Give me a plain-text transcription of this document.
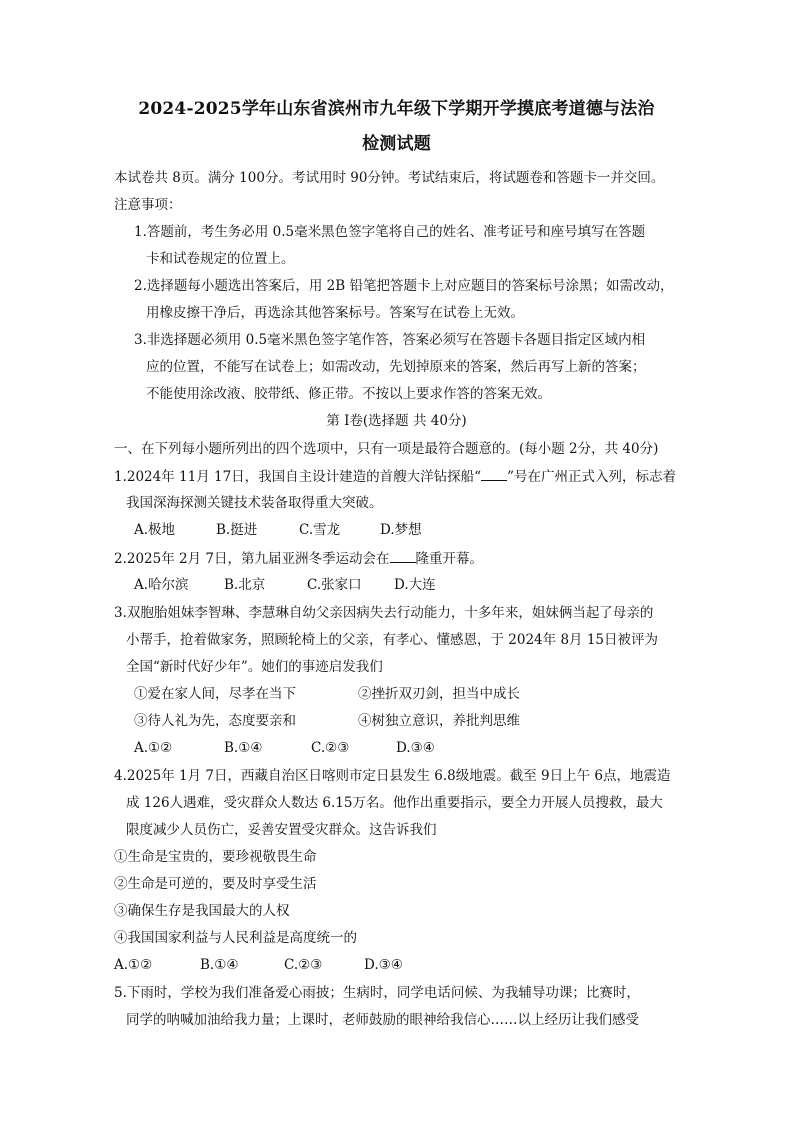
2024-2025学年山东省滨州市九年级下学期开学摸底考道德与法治
检测试题
本试卷共 8页。满分 100分。考试用时 90分钟。考试结束后，将试题卷和答题卡一并交回。
注意事项：
1.答题前，考生务必用 0.5毫米黑色签字笔将自己的姓名、准考证号和座号填写在答题
卡和试卷规定的位置上。
2.选择题每小题选出答案后，用 2B 铅笔把答题卡上对应题目的答案标号涂黑；如需改动，
用橡皮擦干净后，再选涂其他答案标号。答案写在试卷上无效。
3.非选择题必须用 0.5毫米黑色签字笔作答，答案必须写在答题卡各题目指定区域内相
应的位置，不能写在试卷上；如需改动，先划掉原来的答案，然后再写上新的答案；
不能使用涂改液、胶带纸、修正带。不按以上要求作答的答案无效。
第 I卷(选择题 共 40分)
一、在下列每小题所列出的四个选项中，只有一项是最符合题意的。(每小题 2分，共 40分)
1.2024年 11月 17日，我国自主设计建造的首艘大洋钻探船“ ”号在广州正式入列，标志着
我国深海探测关键技术装备取得重大突破。
A.极地	B.挺进	C.雪龙	D.梦想
2.2025年 2月 7日，第九届亚洲冬季运动会在 隆重开幕。
A.哈尔滨	B.北京	C.张家口 D.大连
3.双胞胎姐妹李智琳、李慧琳自幼父亲因病失去行动能力，十多年来，姐妹俩当起了母亲的
小帮手，抢着做家务，照顾轮椅上的父亲，有孝心、懂感恩，于 2024年 8月 15日被评为
全国“新时代好少年”。她们的事迹启发我们
①爱在家人间，尽孝在当下	②挫折双刃剑，担当中成长
③待人礼为先，态度要亲和	④树独立意识，养批判思维
A.①②	B.①④	C.②③	D.③④
4.2025年 1月 7日，西藏自治区日喀则市定日县发生 6.8级地震。截至 9日上午 6点，地震造
成 126人遇难，受灾群众人数达 6.15万名。他作出重要指示，要全力开展人员搜救，最大
限度减少人员伤亡，妥善安置受灾群众。这告诉我们
①生命是宝贵的，要珍视敬畏生命
②生命是可逆的，要及时享受生活
③确保生存是我国最大的人权
④我国国家利益与人民利益是高度统一的
A.①②	B.①④	C.②③	D.③④
5.下雨时，学校为我们准备爱心雨披；生病时，同学电话问候、为我辅导功课；比赛时，
同学的呐喊加油给我力量；上课时，老师鼓励的眼神给我信心……以上经历让我们感受
